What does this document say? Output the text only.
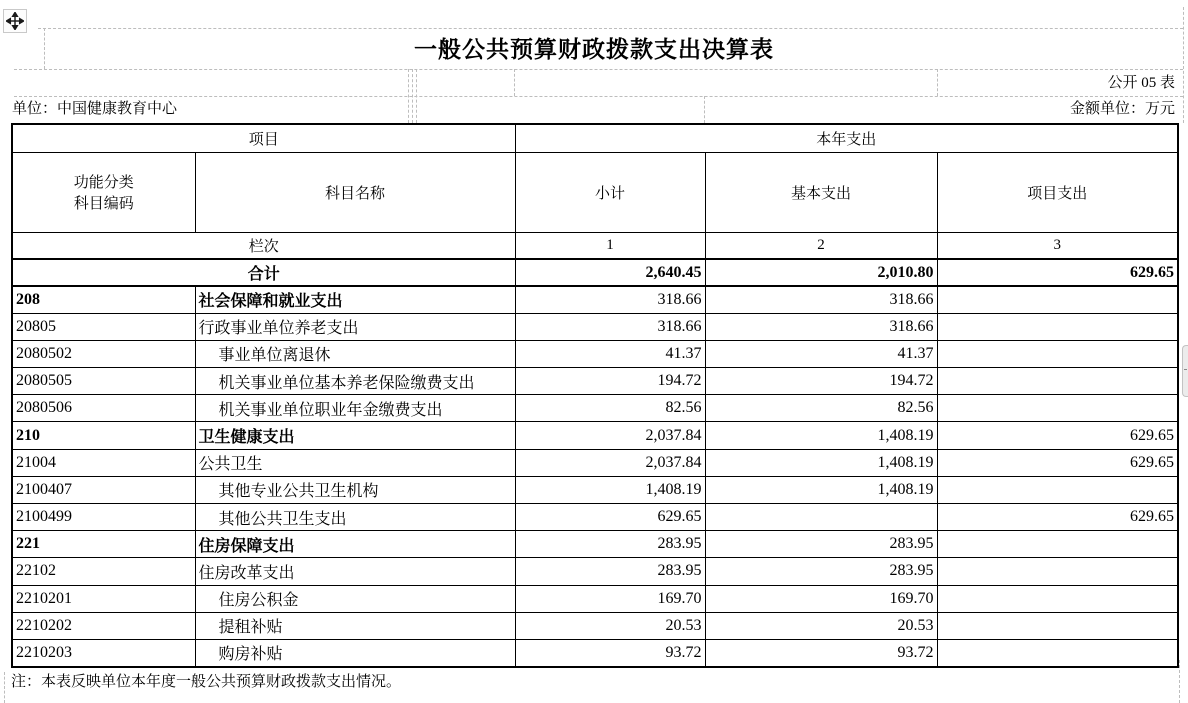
一般公共预算财政拨款支出决算表
公开 05 表
单位：中国健康教育中心	金额单位：万元
项目		本年支出		

功能分类
科目编码	科目名称	小计	基本支出	项目支出
栏次		1	2	3
合计		2,640.45	2,010.80	629.65
208	社会保障和就业支出	318.66	318.66	
20805	行政事业单位养老支出	318.66	318.66	
2080502	事业单位离退休	41.37	41.37	
2080505	机关事业单位基本养老保险缴费支出	194.72	194.72	
2080506	机关事业单位职业年金缴费支出	82.56	82.56	
210	卫生健康支出	2,037.84	1,408.19	629.65
21004	公共卫生	2,037.84	1,408.19	629.65
2100407	其他专业公共卫生机构	1,408.19	1,408.19	
2100499	其他公共卫生支出	629.65		629.65
221	住房保障支出	283.95	283.95	
22102	住房改革支出	283.95	283.95	
2210201	住房公积金	169.70	169.70	
2210202	提租补贴	20.53	20.53	
2210203	购房补贴	93.72	93.72	
注：本表反映单位本年度一般公共预算财政拨款支出情况。
